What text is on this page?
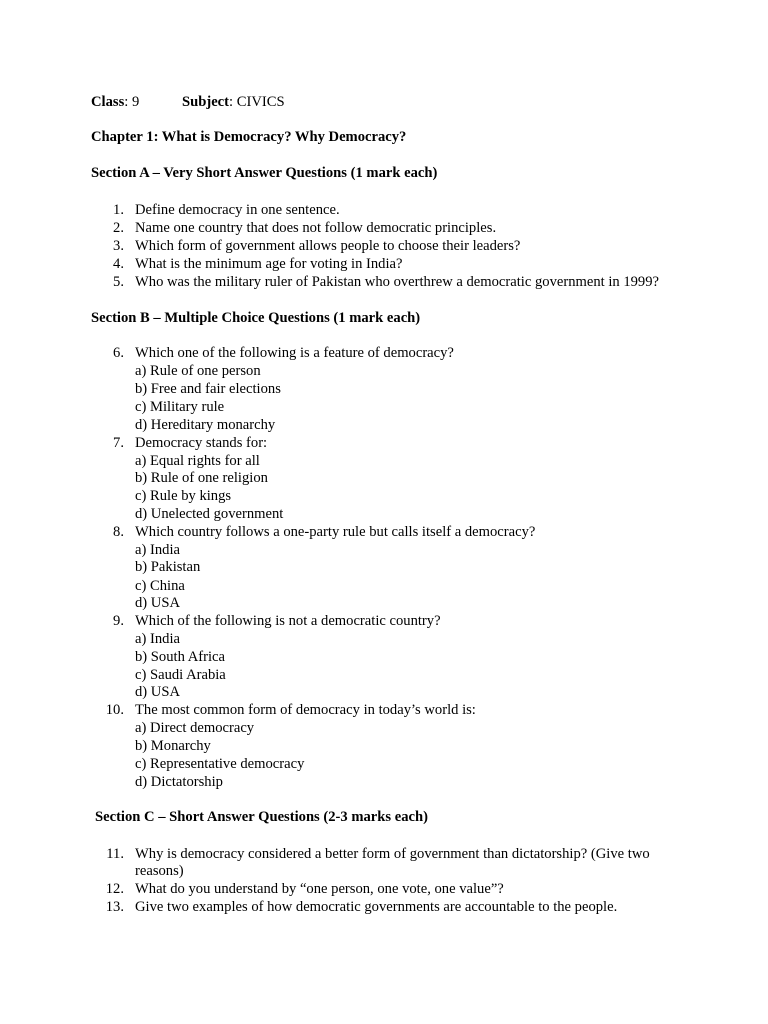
Class: 9	Subject: CIVICS
Chapter 1: What is Democracy? Why Democracy?
Section A – Very Short Answer Questions (1 mark each)
1. Define democracy in one sentence.
2. Name one country that does not follow democratic principles.
3. Which form of government allows people to choose their leaders?
4. What is the minimum age for voting in India?
5. Who was the military ruler of Pakistan who overthrew a democratic government in 1999?
Section B – Multiple Choice Questions (1 mark each)
6. Which one of the following is a feature of democracy?
a) Rule of one person
b) Free and fair elections
c) Military rule
d) Hereditary monarchy
7. Democracy stands for:
a) Equal rights for all
b) Rule of one religion
c) Rule by kings
d) Unelected government
8. Which country follows a one-party rule but calls itself a democracy?
a) India
b) Pakistan
c) China
d) USA
9. Which of the following is not a democratic country?
a) India
b) South Africa
c) Saudi Arabia
d) USA
10. The most common form of democracy in today’s world is:
a) Direct democracy
b) Monarchy
c) Representative democracy
d) Dictatorship
Section C – Short Answer Questions (2-3 marks each)
11. Why is democracy considered a better form of government than dictatorship? (Give two
reasons)
12. What do you understand by “one person, one vote, one value”?
13. Give two examples of how democratic governments are accountable to the people.
